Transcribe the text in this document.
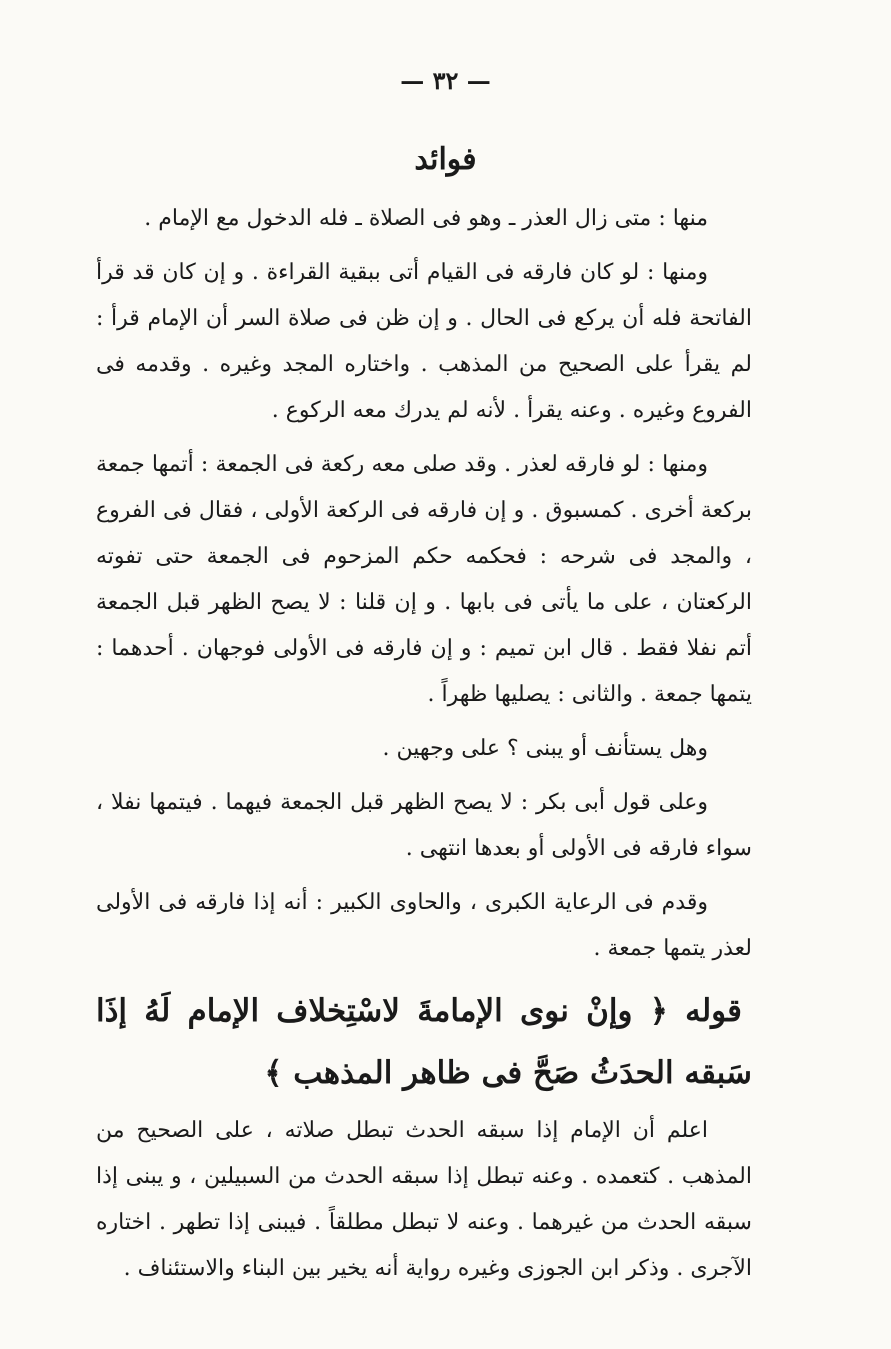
— ٣٢ —
فوائد

منها : متى زال العذر ـ وهو فى الصلاة ـ فله الدخول مع الإمام .

ومنها : لو كان فارقه فى القيام أتى ببقية القراءة . و إن كان قد قرأ الفاتحة فله أن يركع فى الحال . و إن ظن فى صلاة السر أن الإمام قرأ : لم يقرأ على الصحيح من المذهب . واختاره المجد وغيره . وقدمه فى الفروع وغيره . وعنه يقرأ . لأنه لم يدرك معه الركوع .

ومنها : لو فارقه لعذر . وقد صلى معه ركعة فى الجمعة : أتمها جمعة بركعة أخرى . كمسبوق . و إن فارقه فى الركعة الأولى ، فقال فى الفروع ، والمجد فى شرحه : فحكمه حكم المزحوم فى الجمعة حتى تفوته الركعتان ، على ما يأتى فى بابها . و إن قلنا : لا يصح الظهر قبل الجمعة أتم نفلا فقط . قال ابن تميم : و إن فارقه فى الأولى فوجهان . أحدهما : يتمها جمعة . والثانى : يصليها ظهراً .

وهل يستأنف أو يبنى ؟ على وجهين .

وعلى قول أبى بكر : لا يصح الظهر قبل الجمعة فيهما . فيتمها نفلا ، سواء فارقه فى الأولى أو بعدها انتهى .

وقدم فى الرعاية الكبرى ، والحاوى الكبير : أنه إذا فارقه فى الأولى لعذر يتمها جمعة .

قوله ﴿ وإنْ نوى الإمامةَ لاسْتِخلاف الإمام لَهُ إذَا سَبقه الحدَثُ صَحَّ فى ظاهر المذهب ﴾

اعلم أن الإمام إذا سبقه الحدث تبطل صلاته ، على الصحيح من المذهب . كتعمده . وعنه تبطل إذا سبقه الحدث من السبيلين ، و يبنى إذا سبقه الحدث من غيرهما . وعنه لا تبطل مطلقاً . فيبنى إذا تطهر . اختاره الآجرى . وذكر ابن الجوزى وغيره رواية أنه يخير بين البناء والاستئناف .
